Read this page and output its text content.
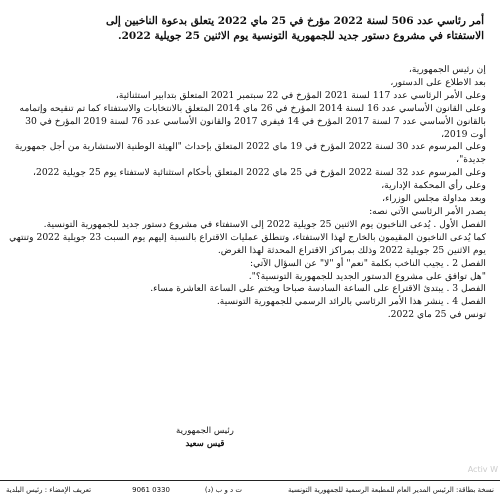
أمر رئاسي عدد 506 لسنة 2022 مؤرخ في 25 ماي 2022 يتعلق بدعوة الناخبين إلى الاستفتاء في مشروع دستور جديد للجمهورية التونسية يوم الاثنين 25 جويلية 2022.

إن رئيس الجمهورية،

بعد الاطلاع على الدستور،

وعلى الأمر الرئاسي عدد 117 لسنة 2021 المؤرخ في 22 سبتمبر 2021 المتعلق بتدابير استثنائية،

وعلى القانون الأساسي عدد 16 لسنة 2014 المؤرخ في 26 ماي 2014 المتعلق بالانتخابات والاستفتاء كما تم تنقيحه وإتمامه بالقانون الأساسي عدد 7 لسنة 2017 المؤرخ في 14 فيفري 2017 والقانون الأساسي عدد 76 لسنة 2019 المؤرخ في 30 أوت 2019،

وعلى المرسوم عدد 30 لسنة 2022 المؤرخ في 19 ماي 2022 المتعلق بإحداث "الهيئة الوطنية الاستشارية من أجل جمهورية جديدة"،

وعلى المرسوم عدد 32 لسنة 2022 المؤرخ في 25 ماي 2022 المتعلق بأحكام استثنائية لاستفتاء يوم 25 جويلية 2022،

وعلى رأي المحكمة الإدارية،

وبعد مداولة مجلس الوزراء،

يصدر الأمر الرئاسي الآتي نصه:

الفصل الأول . يُدعى الناخبون يوم الاثنين 25 جويلية 2022 إلى الاستفتاء في مشروع دستور جديد للجمهورية التونسية.

كما يُدعى الناخبون المقيمون بالخارج لهذا الاستفتاء، وتنطلق عمليات الاقتراع بالنسبة إليهم يوم السبت 23 جويلية 2022 وتنتهي يوم الاثنين 25 جويلية 2022 وذلك بمراكز الاقتراع المحدثة لهذا الغرض.

الفصل 2 . يجيب الناخب بكلمة "نعم" أو "لا" عن السؤال الآتي:

"هل توافق على مشروع الدستور الجديد للجمهورية التونسية؟".

الفصل 3 . يبتدئ الاقتراع على الساعة السادسة صباحا ويختم على الساعة العاشرة مساء.

الفصل 4 . ينشر هذا الأمر الرئاسي بالرائد الرسمي للجمهورية التونسية.

تونس في 25 ماي 2022.

رئيس الجمهورية
قيس سعيد
Activ W
نسخة بطاقة: الرئيس المدير العام للمطبعة الرسمية للجمهورية التونسية
ت د و ب (د)
0330 9061
تعريف الإمضاء : رئيس البلدية
